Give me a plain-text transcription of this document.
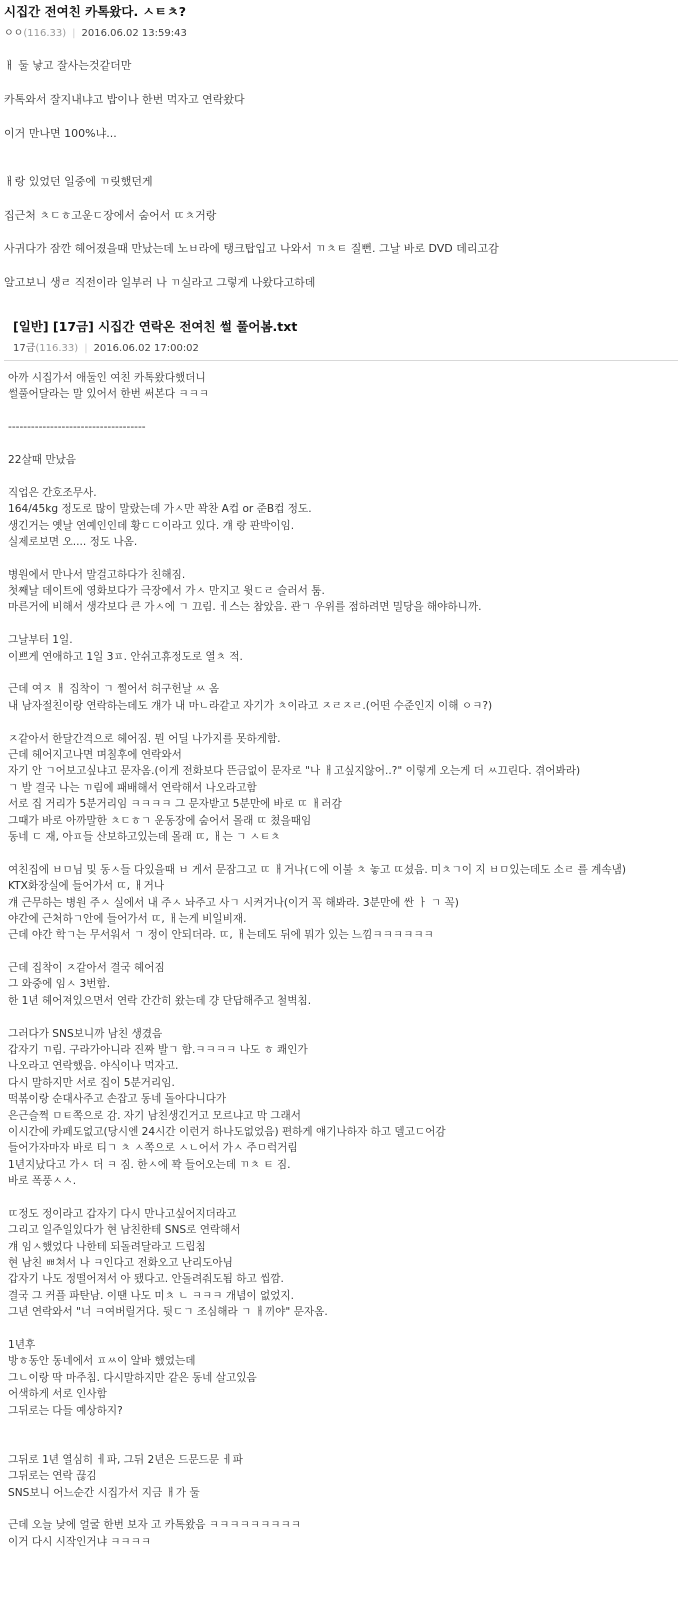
시집간 전여친 카톡왔다. ㅅㅌㅊ?
ㅇㅇ(116.33) | 2016.06.02 13:59:43

ㅐ 둘 낳고 잘사는것같더만

카톡와서 잘지내냐고 밥이나 한번 먹자고 연락왔다

이거 만나면 100%냐...

ㅐ랑 있었던 일중에 ㄲ릿했던게

집근처 ㅊㄷㅎ고운ㄷ장에서 숨어서 ㄸㅊ거랑

사귀다가 잠깐 헤어졌을때 만났는데 노ㅂ라에 탱크탑입고 나와서 ㄲㅊㅌ 질뻔. 그날 바로 DVD 데리고감

알고보니 생ㄹ 직전이라 일부러 나 ㄲ실라고 그렇게 나왔다고하데

[일반] [17금] 시집간 연락온 전여친 썰 풀어봄.txt
17금(116.33) | 2016.06.02 17:00:02
아까 시집가서 애둘인 여친 카톡왔다했더니
썰풀어달라는 말 있어서 한번 써본다 ㅋㅋㅋ
------------------------------------
22살때 만났음
직업은 간호조무사.
164/45kg 정도로 많이 말랐는데 가ㅅ만 꽉찬 A컵 or 준B컵 정도.
생긴거는 옛날 연예인인데 황ㄷㄷ이라고 있다. 걔 랑 판박이임.
실제로보면 오.... 정도 나옴.
병원에서 만나서 말걸고하다가 친해짐.
첫째날 데이트에 영화보다가 극장에서 가ㅅ 만지고 윗ㄷㄹ 슬러서 툼.
마른거에 비해서 생각보다 큰 가ㅅ에 ㄱ 끄림. ㅔ스는 참았음. 관ㄱ 우위를 점하려면 밀당을 해야하니까.
그날부터 1일.
이쁘게 연애하고 1일 3ㅍ. 안쉬고휴정도로 열ㅊ 적.
근데 여ㅈ ㅐ 집착이 ㄱ 쩔어서 허구헌날 ㅆ 옴
내 남자절친이랑 연락하는데도 걔가 내 마ㄴ라같고 자기가 ㅊ이라고 ㅈㄹㅈㄹ.(어떤 수준인지 이해 ㅇㅋ?)
ㅈ같아서 한달간격으로 헤어짐. 뭔 어딜 나가지를 못하게함.
근데 헤어지고나면 며칠후에 연락와서
자기 안 ㄱ어보고싶냐고 문자옴.(이게 전화보다 뜬금없이 문자로 "나 ㅐ고싶지않어..?" 이렇게 오는게 더 ㅆ끄린다. 겪어봐라)
ㄱ 발 결국 나는 ㄲ림에 패배해서 연락해서 나오라고함
서로 집 거리가 5분거리임 ㅋㅋㅋㅋ 그 문자받고 5분만에 바로 ㄸ ㅐ러감
그때가 바로 아까말한 ㅊㄷㅎㄱ 운동장에 숨어서 몰래 ㄸ 쳤을때임
동네 ㄷ 재, 아ㅍ들 산보하고있는데 몰래 ㄸ, ㅐ는 ㄱ ㅅㅌㅊ
여친집에 ㅂㅁ님 및 동ㅅ들 다있을때 ㅂ 게서 문잠그고 ㄸ ㅐ거나(ㄷ에 이불 ㅊ 놓고 ㄸ셨음. 미ㅊㄱ이 지 ㅂㅁ있는데도 소ㄹ 를 계속냄)
KTX화장실에 들어가서 ㄸ, ㅐ거나
걔 근무하는 병원 주ㅅ 실에서 내 주ㅅ 놔주고 사ㄱ 시켜거나(이거 꼭 해봐라. 3분만에 싼 ㅏ ㄱ 꼭)
야간에 근처하ㄱ안에 들어가서 ㄸ, ㅐ는게 비일비재.
근데 야간 학ㄱ는 무서워서 ㄱ 정이 안되더라. ㄸ, ㅐ는데도 뒤에 뭐가 있는 느낌ㅋㅋㅋㅋㅋㅋ
근데 집착이 ㅈ같아서 결국 헤어짐
그 와중에 임ㅅ 3번함.
한 1년 헤어져있으면서 연락 간간히 왔는데 걍 단답해주고 철벽침.
그러다가 SNS보니까 남친 생겼음
갑자기 ㄲ림. 구라가아니라 진짜 발ㄱ 함.ㅋㅋㅋㅋ 나도 ㅎ 쾌인가
나오라고 연락했음. 야식이나 먹자고.
다시 말하지만 서로 집이 5분거리임.
떡볶이랑 순대사주고 손잡고 동네 돌아다니다가
은근슬쩍 ㅁㅌ쪽으로 감. 자기 남친생긴거고 모르냐고 막 그래서
이시간에 카페도없고(당시엔 24시간 이런거 하나도없었음) 편하게 얘기나하자 하고 델고ㄷ어감
들어가자마자 바로 티ㄱ ㅊ ㅅ쪽으로 ㅅㄴ어서 가ㅅ 주ㅁ럭거림
1년지났다고 가ㅅ 더 ㅋ 짐. 한ㅅ에 꽉 들어오는데 ㄲㅊ ㅌ 짐.
바로 폭풍ㅅㅅ.
ㄸ정도 정이라고 갑자기 다시 만나고싶어지더라고
그리고 일주일있다가 현 남친한테 SNS로 연락해서
걔 임ㅅ했었다 나한테 되돌려달라고 드립침
현 남친 ㅃ쳐서 나 ㅋ인다고 전화오고 난리도아님
갑자기 나도 정떨어져서 아 됐다고. 안돌려줘도됨 하고 씹깜.
결국 그 커플 파탄남. 이땐 나도 미ㅊ ㄴ ㅋㅋㅋ 개념이 없었지.
그년 연락와서 "너 ㅋ여버릴거다. 뒷ㄷㄱ 조심해라 ㄱ ㅐ끼야" 문자옴.
1년후
방ㅎ동안 동네에서 ㅍㅆ이 알바 했었는데
그ㄴ이랑 딱 마주침. 다시말하지만 같은 동네 살고있음
어색하게 서로 인사함
그뒤로는 다들 예상하지?
그뒤로 1년 열심히 ㅔ파, 그뒤 2년은 드문드문 ㅔ파
그뒤로는 연락 끊김
SNS보니 어느순간 시집가서 지금 ㅐ가 둘
근데 오늘 낮에 얼굴 한번 보자 고 카톡왔음 ㅋㅋㅋㅋㅋㅋㅋㅋㅋ
이거 다시 시작인거냐 ㅋㅋㅋㅋ
